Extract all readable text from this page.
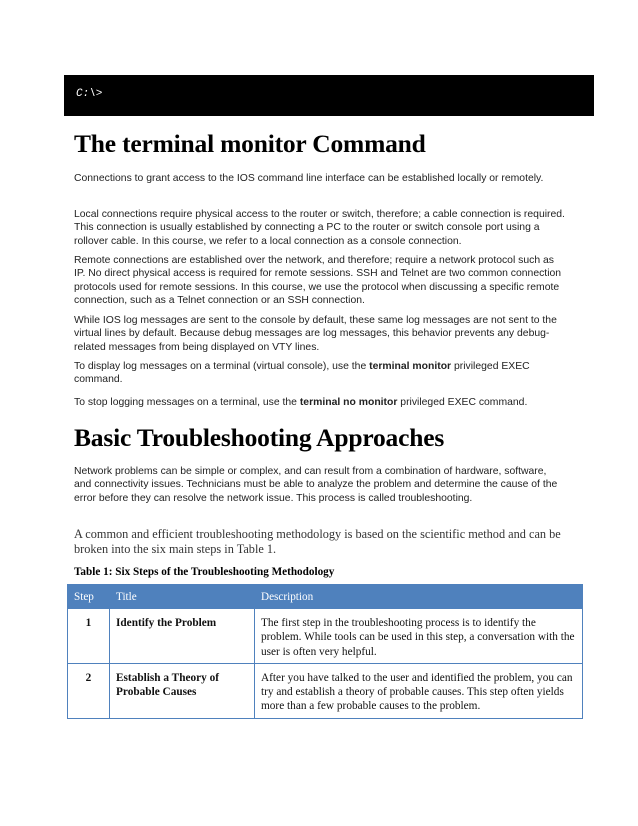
C:\>
The terminal monitor Command

Connections to grant access to the IOS command line interface can be established locally or remotely.

Local connections require physical access to the router or switch, therefore; a cable connection is required. This connection is usually established by connecting a PC to the router or switch console port using a rollover cable. In this course, we refer to a local connection as a console connection.

Remote connections are established over the network, and therefore; require a network protocol such as IP. No direct physical access is required for remote sessions. SSH and Telnet are two common connection protocols used for remote sessions. In this course, we use the protocol when discussing a specific remote connection, such as a Telnet connection or an SSH connection.

While IOS log messages are sent to the console by default, these same log messages are not sent to the virtual lines by default. Because debug messages are log messages, this behavior prevents any debug-related messages from being displayed on VTY lines.

To display log messages on a terminal (virtual console), use the terminal monitor privileged EXEC command.

To stop logging messages on a terminal, use the terminal no monitor privileged EXEC command.

Basic Troubleshooting Approaches

Network problems can be simple or complex, and can result from a combination of hardware, software, and connectivity issues. Technicians must be able to analyze the problem and determine the cause of the error before they can resolve the network issue. This process is called troubleshooting.

A common and efficient troubleshooting methodology is based on the scientific method and can be broken into the six main steps in Table 1.

Table 1: Six Steps of the Troubleshooting Methodology

Step	Title	Description
1	Identify the Problem	The first step in the troubleshooting process is to identify the problem. While tools can be used in this step, a conversation with the user is often very helpful.
2	Establish a Theory of Probable Causes	After you have talked to the user and identified the problem, you can try and establish a theory of probable causes. This step often yields more than a few probable causes to the problem.
